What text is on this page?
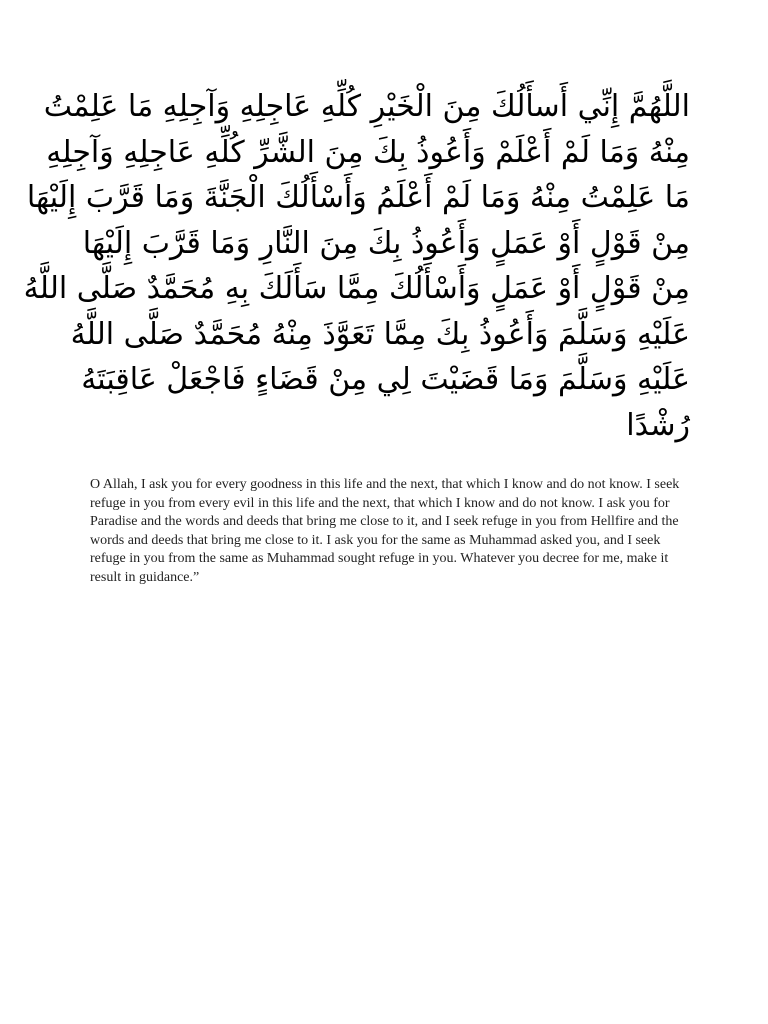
اللَّهُمَّ إِنِّي أَسأَلُكَ مِنَ الْخَيْرِ كُلِّهِ عَاجِلِهِ وَآجِلِهِ مَا عَلِمْتُ
مِنْهُ وَمَا لَمْ أَعْلَمْ وَأَعُوذُ بِكَ مِنَ الشَّرِّ كُلِّهِ عَاجِلِهِ وَآجِلِهِ
مَا عَلِمْتُ مِنْهُ وَمَا لَمْ أَعْلَمُ وَأَسْأَلُكَ الْجَنَّةَ وَمَا قَرَّبَ إِلَيْهَا
مِنْ قَوْلٍ أَوْ عَمَلٍ وَأَعُوذُ بِكَ مِنَ النَّارِ وَمَا قَرَّبَ إِلَيْهَا
مِنْ قَوْلٍ أَوْ عَمَلٍ وَأَسْأَلُكَ مِمَّا سَأَلَكَ بِهِ مُحَمَّدٌ صَلَّى اللَّهُ
عَلَيْهِ وَسَلَّمَ وَأَعُوذُ بِكَ مِمَّا تَعَوَّذَ مِنْهُ مُحَمَّدٌ صَلَّى اللَّهُ
عَلَيْهِ وَسَلَّمَ وَمَا قَضَيْتَ لِي مِنْ قَضَاءٍ فَاجْعَلْ عَاقِبَتَهُ
رُشْدًا

O Allah, I ask you for every goodness in this life and the next, that which I know and do not know. I seek refuge in you from every evil in this life and the next, that which I know and do not know. I ask you for Paradise and the words and deeds that bring me close to it, and I seek refuge in you from Hellfire and the words and deeds that bring me close to it. I ask you for the same as Muhammad asked you, and I seek refuge in you from the same as Muhammad sought refuge in you. Whatever you decree for me, make it result in guidance.”
